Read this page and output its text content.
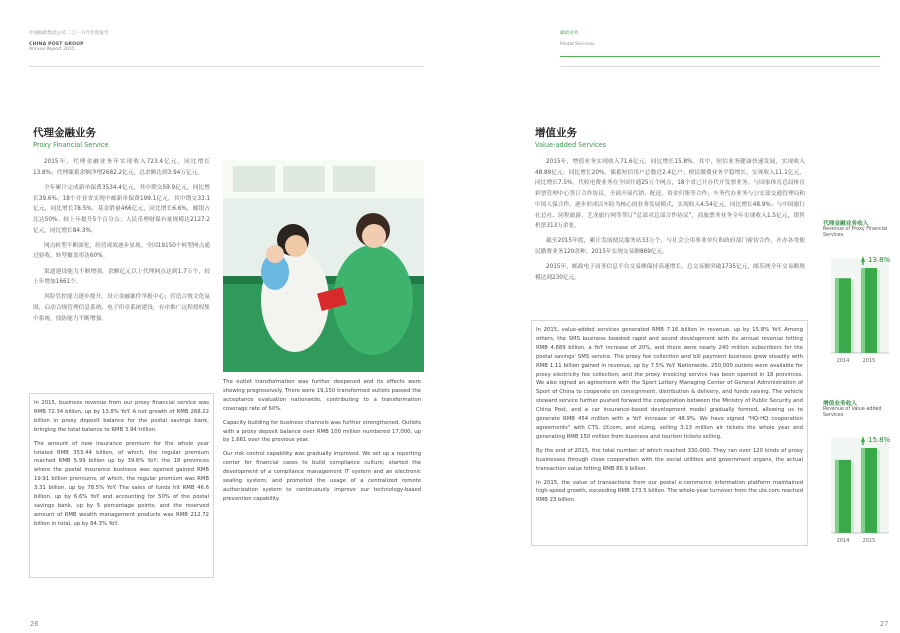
中国邮政集团公司 二〇一五年年度报告
CHINA POST GROUP
Annual Report 2015
邮政业务
Postal Services
代理金融业务
Proxy Financial Service

2015年，代理金融业务年实现收入723.4亿元，同比增长13.8%；代理储蓄余额净增2682.2亿元，总余额达到3.94万亿元。

全年累计完成新单保费3534.4亿元，其中期交59.9亿元，同比增长39.6%；18个开业省实现中邮新单保费199.1亿元，其中期交33.1亿元，同比增长78.5%。基金销量466亿元，同比增长6.6%，邮银占比达50%。较上年提升5个百分点；人民币理财保有量规模达2127.2亿元，同比增长84.3%。

网点转型不断深化，经营成效逐步显现。全国19150个转型网点通过验收，转型覆盖率达60%。

渠道建设能力不断增强。余额亿元以上代理网点达到1.7万个，较上年增加1661个。

风险管控能力逐步提升。设立金融案件举报中心；营造合规文化氛围，启动合规管理信息系统、电子印章系统建设，有序推广远程授权集中系统，技防能力不断增强。

In 2015, business revenue from our proxy financial service was RMB 72.34 billion, up by 13.8% YoY. A net growth of RMB 268.22 billion in proxy deposit balance for the postal savings bank, bringing the total balance to RMB 3.94 trillion.

The amount of new insurance premium for the whole year totaled RMB 353.44 billion, of which, the regular premium reached RMB 5.99 billion up by 39.6% YoY; the 18 provinces where the postal insurance business was opened gained RMB 19.91 billion premiums, of which, the regular premium was RMB 3.31 billion, up by 78.5% YoY. The sales of funds hit RMB 46.6 billion, up by 6.6% YoY and accounting for 50% of the postal savings bank, up by 5 percentage points; and the reserved amount of RMB wealth management products was RMB 212.72 billion in total, up by 84.3% YoY.

The outlet transformation was further deepened and its effects were showing progressively. There were 19,150 transformed outlets passed the acceptance evaluation nationwide, contributing to a transformation coverage rate of 60%.

Capacity building for business channels was further strengthened. Outlets with a proxy deposit balance over RMB 100 million numbered 17,000, up by 1,661 over the previous year.

Our risk control capability was gradually improved. We set up a reporting center for financial cases to build compliance culture; started the development of a compliance management IT system and an electronic sealing system; and promoted the usage of a centralized remote authorization system to continuously improve our technology-based prevention capability.

增值业务
Value-added Services

2015年，增值业务实现收入71.6亿元，同比增长15.8%。其中，短信业务健康快速发展，实现收入48.89亿元，同比增长20%，储蓄短信用户总数近2.4亿户；便民缴费业务平稳增长，实现收入11.1亿元，同比增长7.5%，代收电费业务在全国开通25万个网点，18个省已开办代开发票业务；与国家体育总局体育彩票管理中心签订合作协议，全面开展代销、配送、资金归集等合作；车务代办业务与公安部交通管理局和中国人保合作，逐步形成以车险为核心的业务发展模式，实现收入4.54亿元，同比增长48.9%；与中国旅行社总社、同程旅游、艺龙旅行网等签订“总部对总部合作协议”，商旅票务业务全年实现收入1.5亿元，销售机票313万余张。

截至2015年底，累计发展便民服务站33万个，与社会公用事业单位和政府部门密切合作，开办各类便民缴费业务120余种。2015年实现交易额869亿元。

2015年，邮政电子商务信息平台交易额保持高速增长，总交易额突破1735亿元，邮乐网全年交易额规模达到230亿元。

In 2015, value-added services generated RMB 7.16 billion in revenue, up by 15.8% YoY. Among others, the SMS business boasted rapid and sound development with its annual revenue hitting RMB 4.889 billion, a YoY increase of 20%, and there were nearly 240 million subscribers for the postal savings' SMS service. The proxy fee collection and bill payment business grew steadily with RMB 1.11 billion gained in revenue, up by 7.5% YoY. Nationwide, 250,000 outlets were available for proxy electricity fee collection; and the proxy invoicing service has been opened in 18 provinces. We also signed an agreement with the Sport Lottery Managing Center of General Administration of Sport of China to cooperate on consignment, distribution & delivery, and funds raising. The vehicle steward service further pushed forward the cooperation between the Ministry of Public Security and China Post, and a car insurance-based development model gradually formed, allowing us to generate RMB 454 million with a YoY increase of 48.9%. We have signed "HQ-HQ cooperation agreements" with CTS, LY.com, and eLong, selling 3.13 million air tickets the whole year and generating RMB 150 million from business and tourism tickets selling.

By the end of 2015, the total number of which reached 330,000. They ran over 120 kinds of proxy businesses through close cooperation with the social utilities and government organs, the actual transaction value hitting RMB 86.9 billion.

In 2015, the value of transactions from our postal e-commerce information platform maintained high-speed growth, exceeding RMB 173.5 billion. The whole-year turnover from the ule.com reached RMB 23 billion.

代理金融业务收入
Revenue of Proxy Financial Services
2014	2015
13.8%
增值业务收入
Revenue of Value-added Services
2014	2015
15.8%
26	27
